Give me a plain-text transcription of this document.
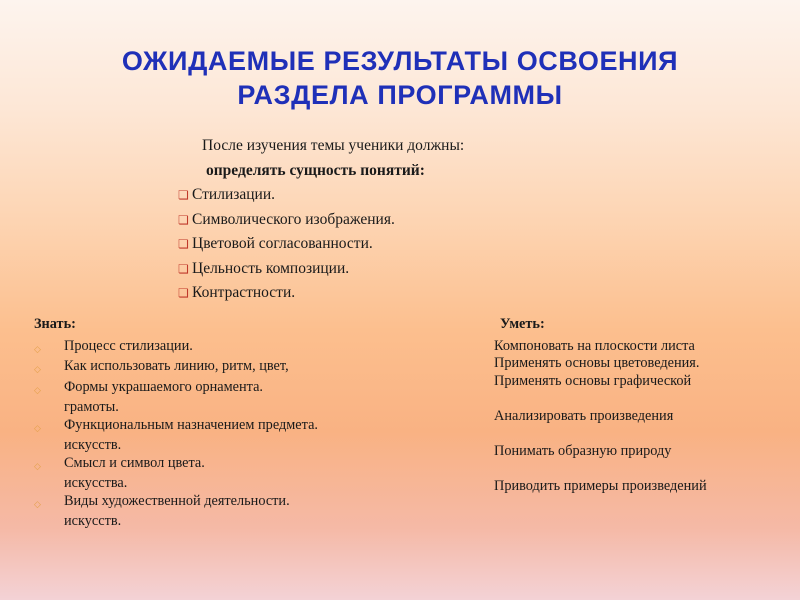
ОЖИДАЕМЫЕ РЕЗУЛЬТАТЫ ОСВОЕНИЯ
РАЗДЕЛА ПРОГРАММЫ
После изучения темы ученики должны:
определять сущность понятий:
❏ Стилизации.
❏ Символического изображения.
❏ Цветовой согласованности.
❏ Цельность композиции.
❏ Контрастности.
Знать:
◇	Процесс стилизации.
◇	Как использовать линию, ритм, цвет,
◇	Формы украшаемого орнамента.
грамоты.
◇	Функциональным назначением предмета.
искусств.
◇	Смысл и символ цвета.
искусства.
◇	Виды художественной деятельности.
искусств.
Уметь:
Компоновать на плоскости листа
Применять основы цветоведения.
Применять основы графической

Анализировать произведения

Понимать образную природу

Приводить примеры произведений
